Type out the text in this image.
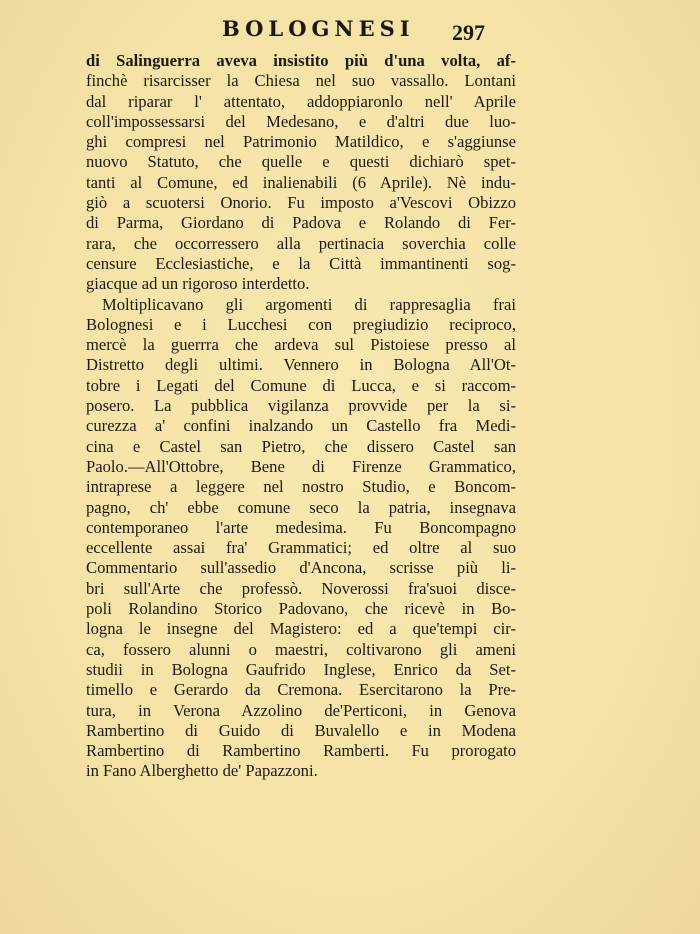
BOLOGNESI 297
di Salinguerra aveva insistito più d'una volta, af-
finchè risarcisser la Chiesa nel suo vassallo. Lontani
dal riparar l' attentato, addoppiaronlo nell' Aprile
coll'impossessarsi del Medesano, e d'altri due luo-
ghi compresi nel Patrimonio Matildico, e s'aggiunse
nuovo Statuto, che quelle e questi dichiarò spet-
tanti al Comune, ed inalienabili (6 Aprile). Nè indu-
giò a scuotersi Onorio. Fu imposto a'Vescovi Obizzo
di Parma, Giordano di Padova e Rolando di Fer-
rara, che occorressero alla pertinacia soverchia colle
censure Ecclesiastiche, e la Città immantinenti sog-
giacque ad un rigoroso interdetto.
Moltiplicavano gli argomenti di rappresaglia frai
Bolognesi e i Lucchesi con pregiudizio reciproco,
mercè la guerrra che ardeva sul Pistoiese presso al
Distretto degli ultimi. Vennero in Bologna All'Ot-
tobre i Legati del Comune di Lucca, e si raccom-
posero. La pubblica vigilanza provvide per la si-
curezza a' confini inalzando un Castello fra Medi-
cina e Castel san Pietro, che dissero Castel san
Paolo.—All'Ottobre, Bene di Firenze Grammatico,
intraprese a leggere nel nostro Studio, e Boncom-
pagno, ch' ebbe comune seco la patria, insegnava
contemporaneo l'arte medesima. Fu Boncompagno
eccellente assai fra' Grammatici; ed oltre al suo
Commentario sull'assedio d'Ancona, scrisse più li-
bri sull'Arte che professò. Noverossi fra'suoi disce-
poli Rolandino Storico Padovano, che ricevè in Bo-
logna le insegne del Magistero: ed a que'tempi cir-
ca, fossero alunni o maestri, coltivarono gli ameni
studii in Bologna Gaufrido Inglese, Enrico da Set-
timello e Gerardo da Cremona. Esercitarono la Pre-
tura, in Verona Azzolino de'Perticoni, in Genova
Rambertino di Guido di Buvalello e in Modena
Rambertino di Rambertino Ramberti. Fu prorogato
in Fano Alberghetto de' Papazzoni.
